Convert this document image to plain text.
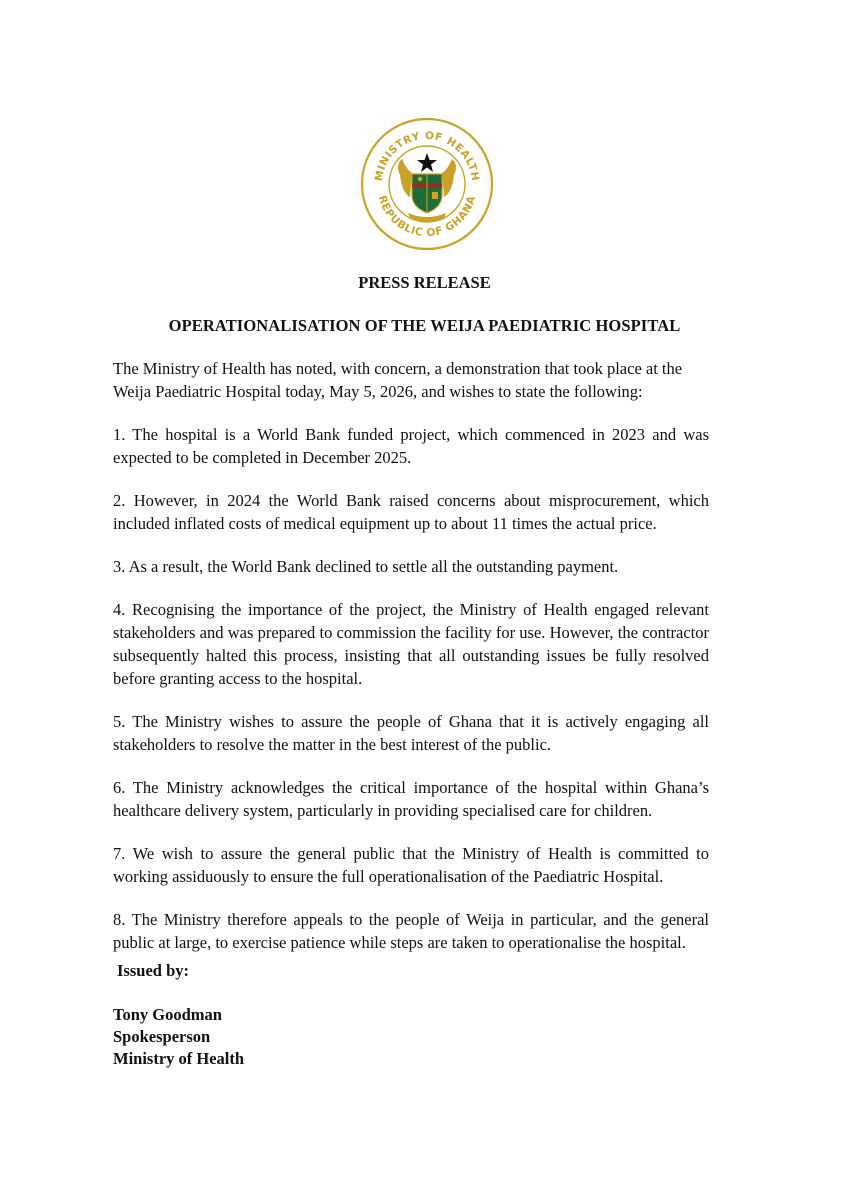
MINISTRY OF HEALTH
REPUBLIC OF GHANA
PRESS RELEASE
OPERATIONALISATION OF THE WEIJA PAEDIATRIC HOSPITAL

The Ministry of Health has noted, with concern, a demonstration that took place at the Weija Paediatric Hospital today, May 5, 2026, and wishes to state the following:

1. The hospital is a World Bank funded project, which commenced in 2023 and was expected to be completed in December 2025.

2. However, in 2024 the World Bank raised concerns about misprocurement, which included inflated costs of medical equipment up to about 11 times the actual price.

3. As a result, the World Bank declined to settle all the outstanding payment.

4. Recognising the importance of the project, the Ministry of Health engaged relevant stakeholders and was prepared to commission the facility for use. However, the contractor subsequently halted this process, insisting that all outstanding issues be fully resolved before granting access to the hospital.

5. The Ministry wishes to assure the people of Ghana that it is actively engaging all stakeholders to resolve the matter in the best interest of the public.

6. The Ministry acknowledges the critical importance of the hospital within Ghana’s healthcare delivery system, particularly in providing specialised care for children.

7. We wish to assure the general public that the Ministry of Health is committed to working assiduously to ensure the full operationalisation of the Paediatric Hospital.

8. The Ministry therefore appeals to the people of Weija in particular, and the general public at large, to exercise patience while steps are taken to operationalise the hospital.

Issued by:
Tony Goodman
Spokesperson
Ministry of Health
